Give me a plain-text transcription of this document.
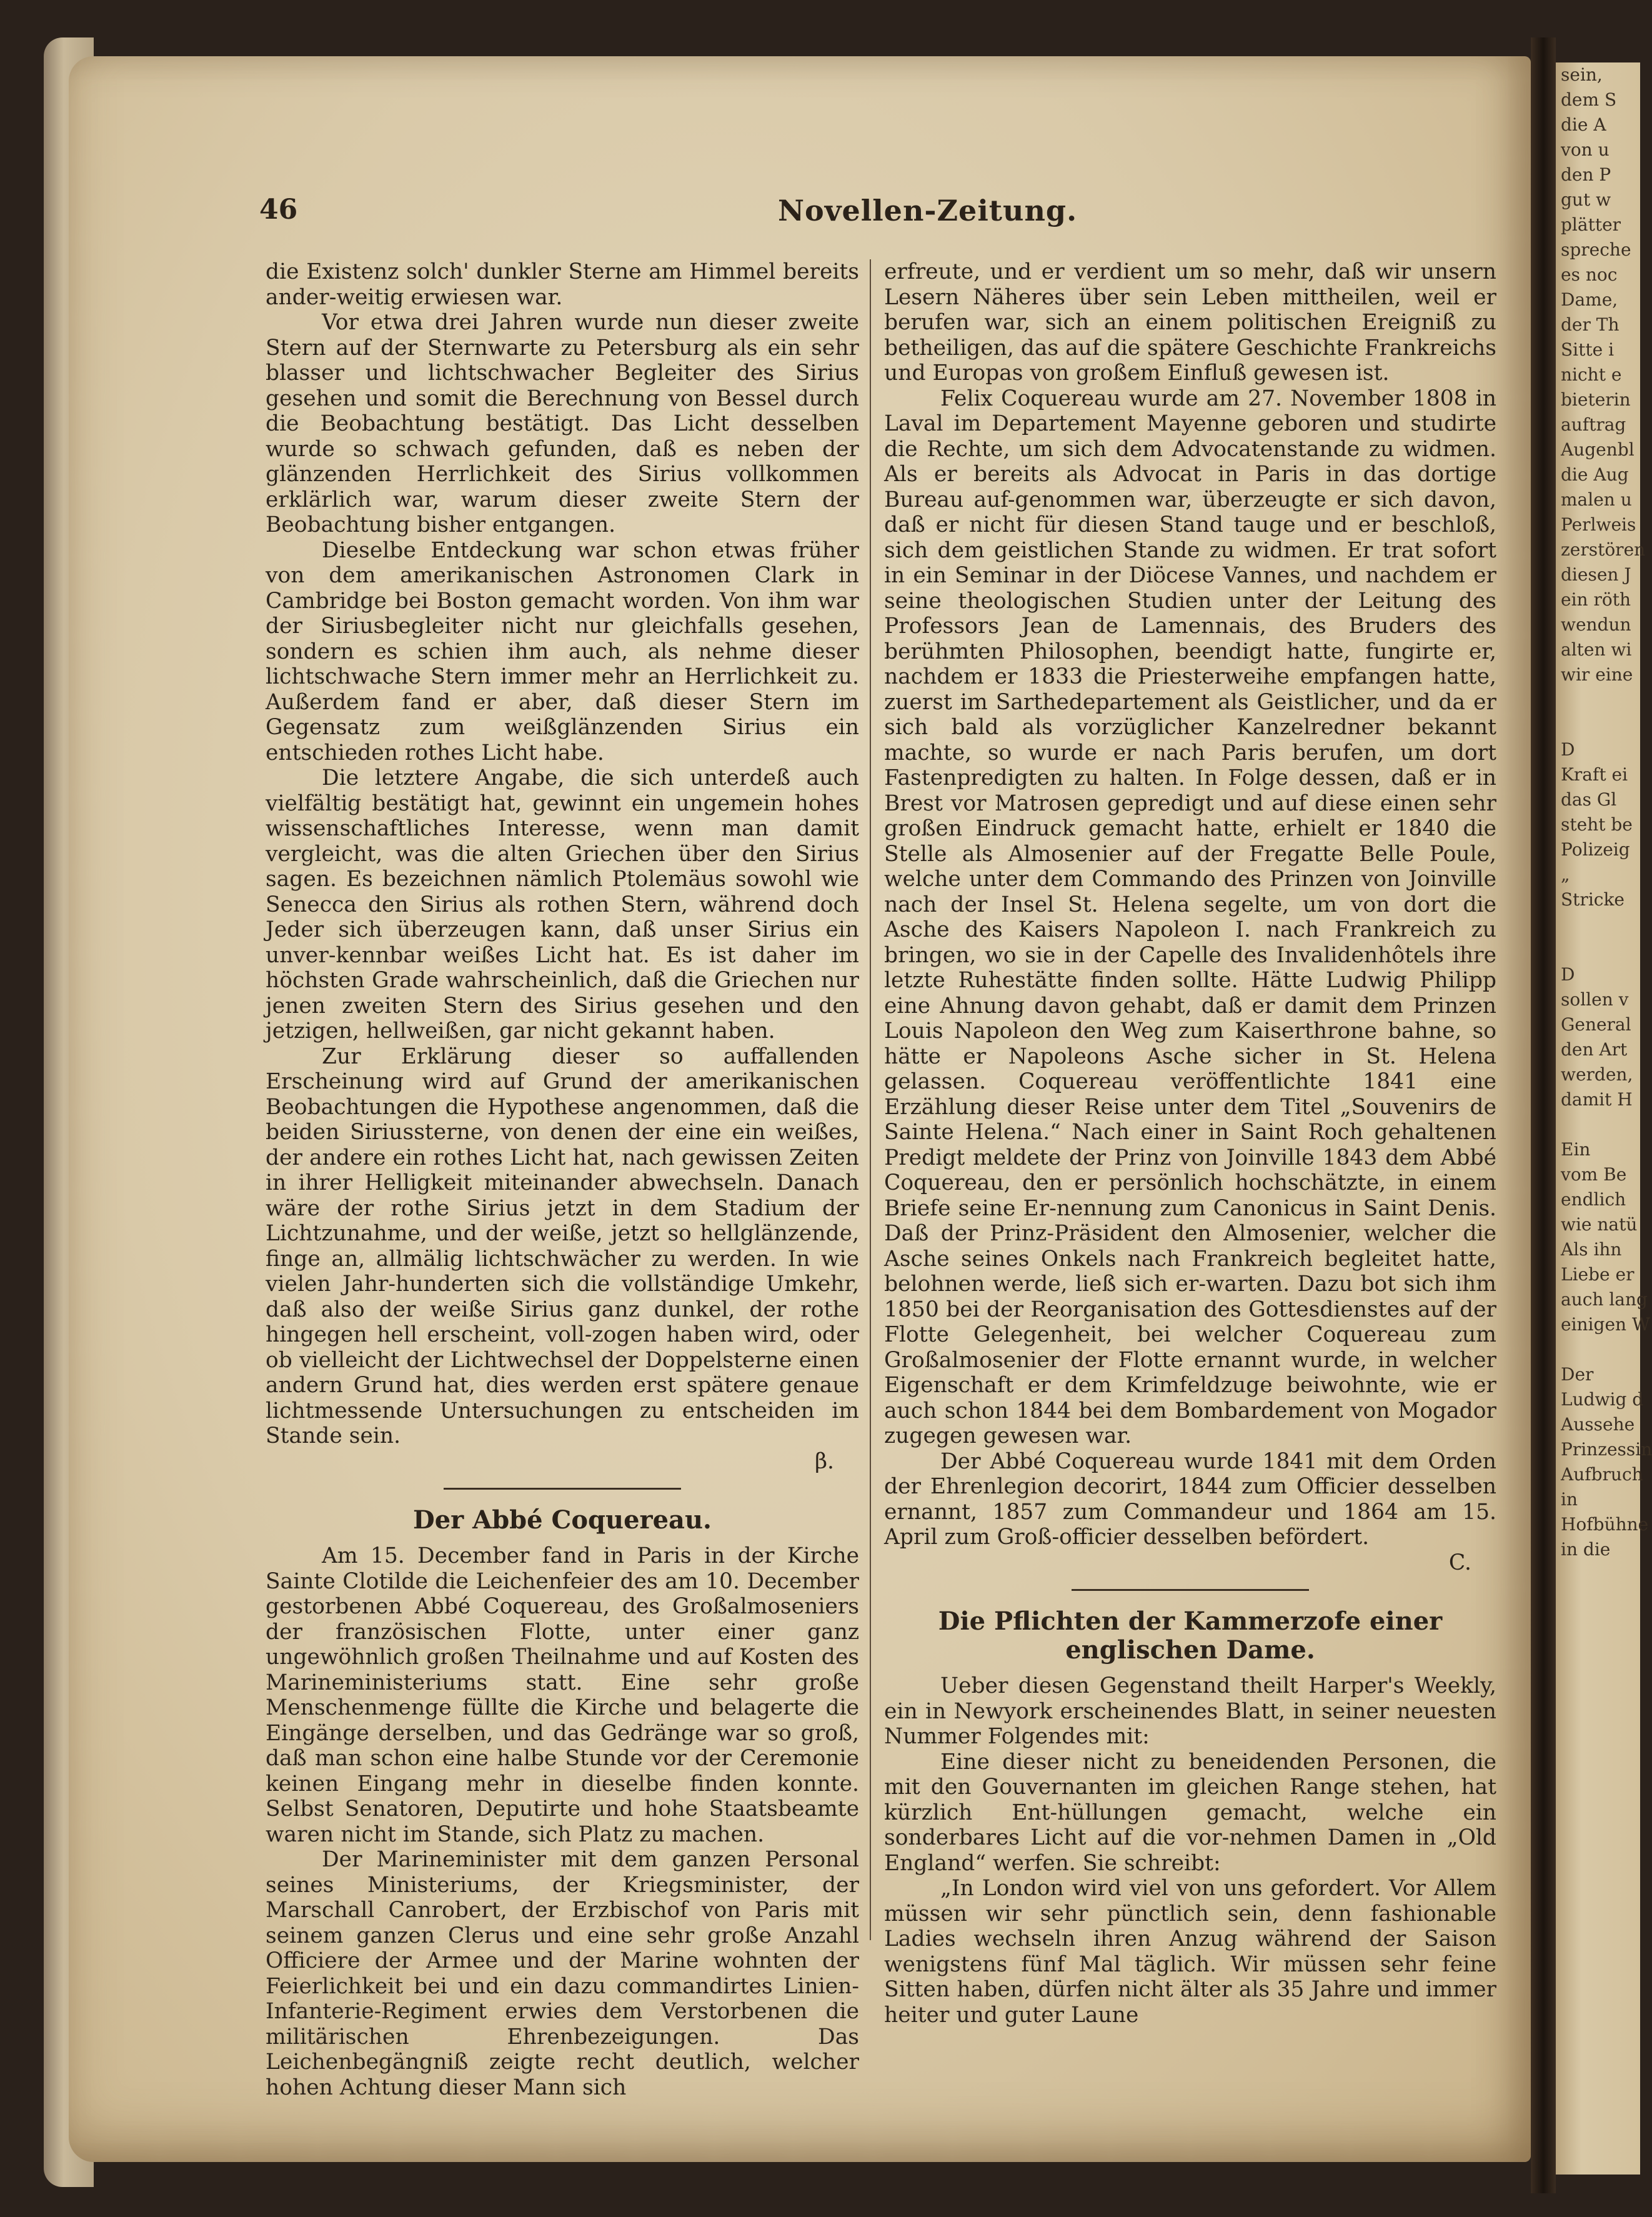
sein,
dem S
die A
von u
den P
gut w
plätter
spreche
es noc
Dame,
der Th
Sitte i
nicht e
bieterin
auftrag
Augenbl
die Aug
malen u
Perlweis
zerstören
diesen J
ein röth
wendun
alten wi
wir eine

D
Kraft ei
das Gl
steht be
Polizeig
„
Stricke

D
sollen v
General
den Art
werden,
damit H

Ein
vom Be
endlich
wie natü
Als ihn
Liebe er
auch lang
einigen W

Der
Ludwig d
Aussehe
Prinzessin
Aufbruch
in
Hofbühne
in die
46	Novellen-Zeitung.

die Existenz solch' dunkler Sterne am Himmel bereits ander-weitig erwiesen war.

Vor etwa drei Jahren wurde nun dieser zweite Stern auf der Sternwarte zu Petersburg als ein sehr blasser und lichtschwacher Begleiter des Sirius gesehen und somit die Berechnung von Bessel durch die Beobachtung bestätigt. Das Licht desselben wurde so schwach gefunden, daß es neben der glänzenden Herrlichkeit des Sirius vollkommen erklärlich war, warum dieser zweite Stern der Beobachtung bisher entgangen.

Dieselbe Entdeckung war schon etwas früher von dem amerikanischen Astronomen Clark in Cambridge bei Boston gemacht worden. Von ihm war der Siriusbegleiter nicht nur gleichfalls gesehen, sondern es schien ihm auch, als nehme dieser lichtschwache Stern immer mehr an Herrlichkeit zu. Außerdem fand er aber, daß dieser Stern im Gegensatz zum weißglänzenden Sirius ein entschieden rothes Licht habe.

Die letztere Angabe, die sich unterdeß auch vielfältig bestätigt hat, gewinnt ein ungemein hohes wissenschaftliches Interesse, wenn man damit vergleicht, was die alten Griechen über den Sirius sagen. Es bezeichnen nämlich Ptolemäus sowohl wie Senecca den Sirius als rothen Stern, während doch Jeder sich überzeugen kann, daß unser Sirius ein unver-kennbar weißes Licht hat. Es ist daher im höchsten Grade wahrscheinlich, daß die Griechen nur jenen zweiten Stern des Sirius gesehen und den jetzigen, hellweißen, gar nicht gekannt haben.

Zur Erklärung dieser so auffallenden Erscheinung wird auf Grund der amerikanischen Beobachtungen die Hypothese angenommen, daß die beiden Siriussterne, von denen der eine ein weißes, der andere ein rothes Licht hat, nach gewissen Zeiten in ihrer Helligkeit miteinander abwechseln. Danach wäre der rothe Sirius jetzt in dem Stadium der Lichtzunahme, und der weiße, jetzt so hellglänzende, finge an, allmälig lichtschwächer zu werden. In wie vielen Jahr-hunderten sich die vollständige Umkehr, daß also der weiße Sirius ganz dunkel, der rothe hingegen hell erscheint, voll-zogen haben wird, oder ob vielleicht der Lichtwechsel der Doppelsterne einen andern Grund hat, dies werden erst spätere genaue lichtmessende Untersuchungen zu entscheiden im Stande sein.

β.

Der Abbé Coquereau.

Am 15. December fand in Paris in der Kirche Sainte Clotilde die Leichenfeier des am 10. December gestorbenen Abbé Coquereau, des Großalmoseniers der französischen Flotte, unter einer ganz ungewöhnlich großen Theilnahme und auf Kosten des Marineministeriums statt. Eine sehr große Menschenmenge füllte die Kirche und belagerte die Eingänge derselben, und das Gedränge war so groß, daß man schon eine halbe Stunde vor der Ceremonie keinen Eingang mehr in dieselbe finden konnte. Selbst Senatoren, Deputirte und hohe Staatsbeamte waren nicht im Stande, sich Platz zu machen.

Der Marineminister mit dem ganzen Personal seines Ministeriums, der Kriegsminister, der Marschall Canrobert, der Erzbischof von Paris mit seinem ganzen Clerus und eine sehr große Anzahl Officiere der Armee und der Marine wohnten der Feierlichkeit bei und ein dazu commandirtes Linien-Infanterie-Regiment erwies dem Verstorbenen die militärischen Ehrenbezeigungen. Das Leichenbegängniß zeigte recht deutlich, welcher hohen Achtung dieser Mann sich

erfreute, und er verdient um so mehr, daß wir unsern Lesern Näheres über sein Leben mittheilen, weil er berufen war, sich an einem politischen Ereigniß zu betheiligen, das auf die spätere Geschichte Frankreichs und Europas von großem Einfluß gewesen ist.

Felix Coquereau wurde am 27. November 1808 in Laval im Departement Mayenne geboren und studirte die Rechte, um sich dem Advocatenstande zu widmen. Als er bereits als Advocat in Paris in das dortige Bureau auf-genommen war, überzeugte er sich davon, daß er nicht für diesen Stand tauge und er beschloß, sich dem geistlichen Stande zu widmen. Er trat sofort in ein Seminar in der Diöcese Vannes, und nachdem er seine theologischen Studien unter der Leitung des Professors Jean de Lamennais, des Bruders des berühmten Philosophen, beendigt hatte, fungirte er, nachdem er 1833 die Priesterweihe empfangen hatte, zuerst im Sarthedepartement als Geistlicher, und da er sich bald als vorzüglicher Kanzelredner bekannt machte, so wurde er nach Paris berufen, um dort Fastenpredigten zu halten. In Folge dessen, daß er in Brest vor Matrosen gepredigt und auf diese einen sehr großen Eindruck gemacht hatte, erhielt er 1840 die Stelle als Almosenier auf der Fregatte Belle Poule, welche unter dem Commando des Prinzen von Joinville nach der Insel St. Helena segelte, um von dort die Asche des Kaisers Napoleon I. nach Frankreich zu bringen, wo sie in der Capelle des Invalidenhôtels ihre letzte Ruhestätte finden sollte. Hätte Ludwig Philipp eine Ahnung davon gehabt, daß er damit dem Prinzen Louis Napoleon den Weg zum Kaiserthrone bahne, so hätte er Napoleons Asche sicher in St. Helena gelassen. Coquereau veröffentlichte 1841 eine Erzählung dieser Reise unter dem Titel „Souvenirs de Sainte Helena.“ Nach einer in Saint Roch gehaltenen Predigt meldete der Prinz von Joinville 1843 dem Abbé Coquereau, den er persönlich hochschätzte, in einem Briefe seine Er-nennung zum Canonicus in Saint Denis. Daß der Prinz-Präsident den Almosenier, welcher die Asche seines Onkels nach Frankreich begleitet hatte, belohnen werde, ließ sich er-warten. Dazu bot sich ihm 1850 bei der Reorganisation des Gottesdienstes auf der Flotte Gelegenheit, bei welcher Coquereau zum Großalmosenier der Flotte ernannt wurde, in welcher Eigenschaft er dem Krimfeldzuge beiwohnte, wie er auch schon 1844 bei dem Bombardement von Mogador zugegen gewesen war.

Der Abbé Coquereau wurde 1841 mit dem Orden der Ehrenlegion decorirt, 1844 zum Officier desselben ernannt, 1857 zum Commandeur und 1864 am 15. April zum Groß-officier desselben befördert.

C.

Die Pflichten der Kammerzofe einer englischen Dame.

Ueber diesen Gegenstand theilt Harper's Weekly, ein in Newyork erscheinendes Blatt, in seiner neuesten Nummer Folgendes mit:

Eine dieser nicht zu beneidenden Personen, die mit den Gouvernanten im gleichen Range stehen, hat kürzlich Ent-hüllungen gemacht, welche ein sonderbares Licht auf die vor-nehmen Damen in „Old England“ werfen. Sie schreibt:

„In London wird viel von uns gefordert. Vor Allem müssen wir sehr pünctlich sein, denn fashionable Ladies wechseln ihren Anzug während der Saison wenigstens fünf Mal täglich. Wir müssen sehr feine Sitten haben, dürfen nicht älter als 35 Jahre und immer heiter und guter Laune
